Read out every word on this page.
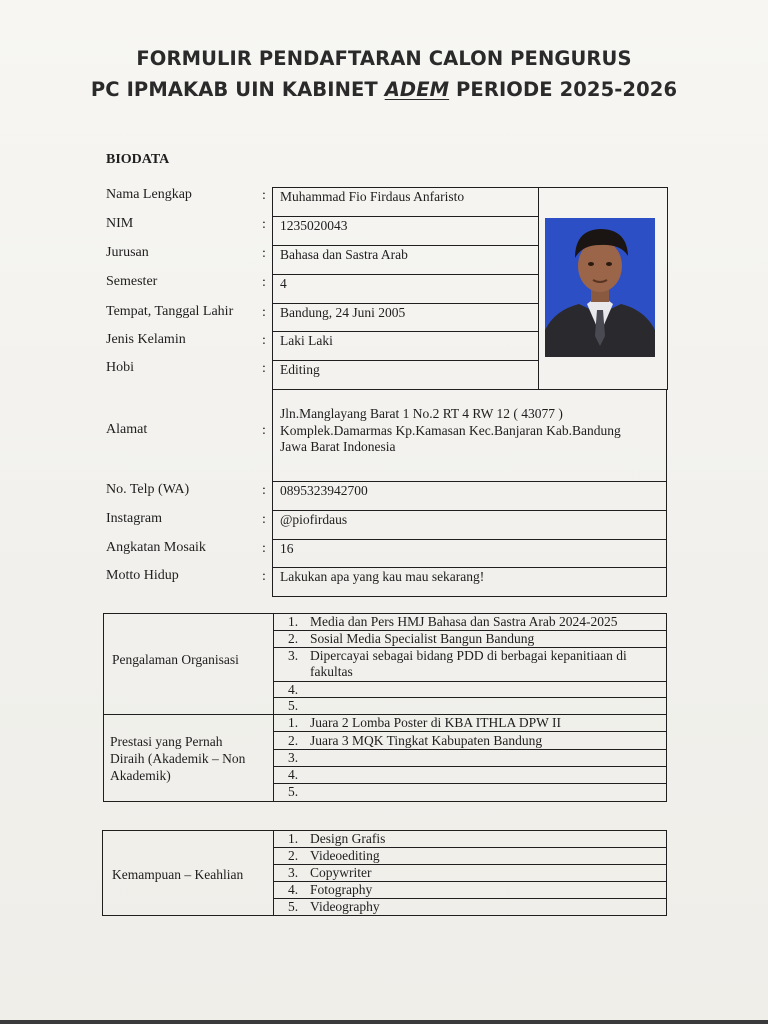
FORMULIR PENDAFTARAN CALON PENGURUS
PC IPMAKAB UIN KABINET ADEM PERIODE 2025-2026
BIODATA
Nama Lengkap
NIM
Jurusan
Semester
Tempat, Tanggal Lahir
Jenis Kelamin
Hobi
Alamat
No. Telp (WA)
Instagram
Angkatan Mosaik
Motto Hidup
:
:
:
:
:
:
:
:
:
:
:
:
Muhammad Fio Firdaus Anfaristo
1235020043
Bahasa dan Sastra Arab
4
Bandung, 24 Juni 2005
Laki Laki
Editing
Jln.Manglayang Barat 1 No.2 RT 4 RW 12 ( 43077 )
Komplek.Damarmas Kp.Kamasan Kec.Banjaran Kab.Bandung
Jawa Barat Indonesia
0895323942700
@piofirdaus
16
Lakukan apa yang kau mau sekarang!
Pengalaman Organisasi
1. Media dan Pers HMJ Bahasa dan Sastra Arab 2024-2025
2. Sosial Media Specialist Bangun Bandung
3. Dipercayai sebagai bidang PDD di berbagai kepanitiaan di
fakultas
4.
5.
Prestasi yang Pernah
Diraih (Akademik – Non
Akademik)
1. Juara 2 Lomba Poster di KBA ITHLA DPW II
2. Juara 3 MQK Tingkat Kabupaten Bandung
3.
4.
5.
Kemampuan – Keahlian
1. Design Grafis
2. Videoediting
3. Copywriter
4. Fotography
5. Videography
